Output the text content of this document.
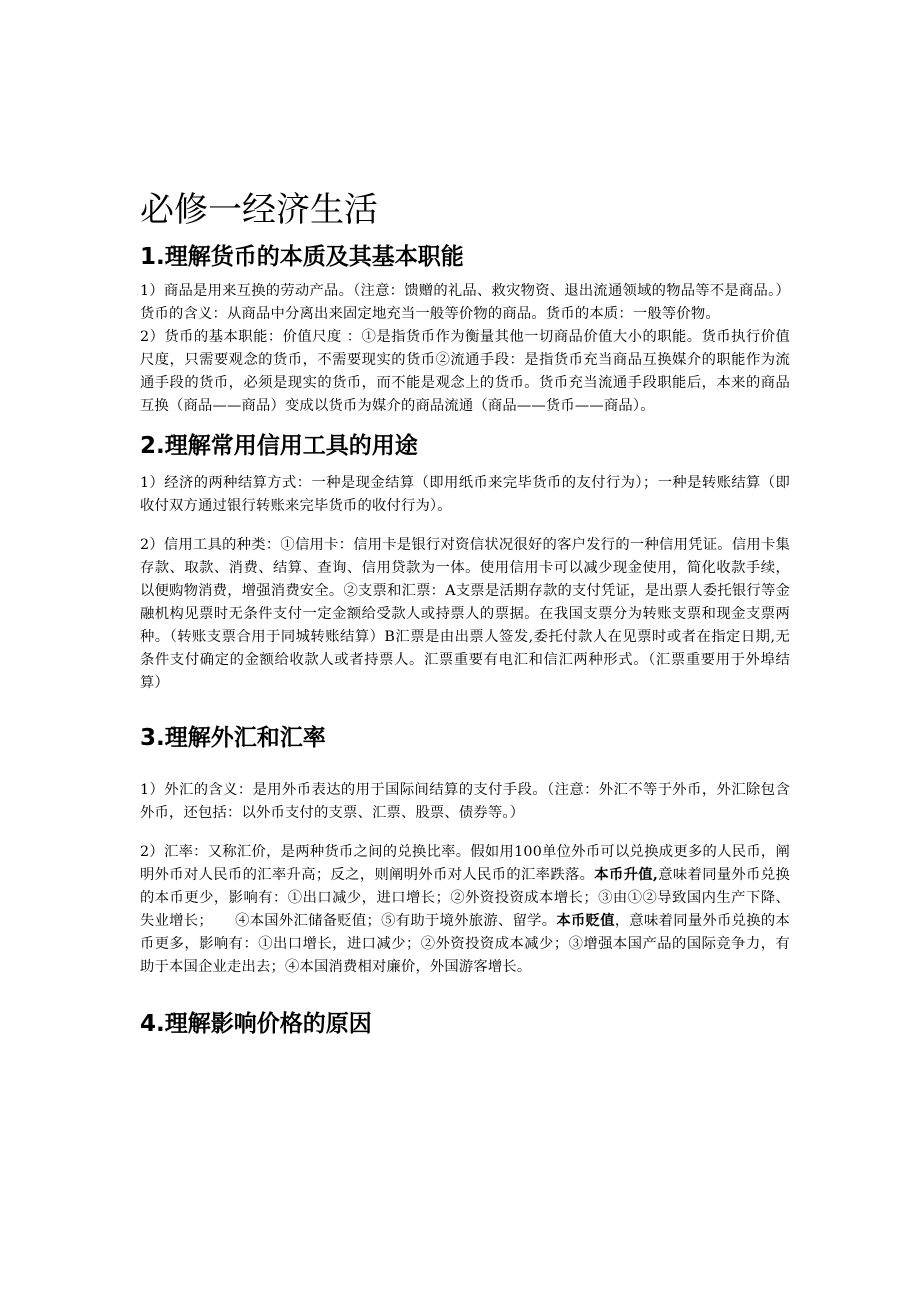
必修一经济生活
1.理解货币的本质及其基本职能

1）商品是用来互换的劳动产品。（注意：馈赠的礼品、救灾物资、退出流通领域的物品等不是商品。）货币的含义：从商品中分离出来固定地充当一般等价物的商品。货币的本质：一般等价物。

2）货币的基本职能：价值尺度 ：①是指货币作为衡量其他一切商品价值大小的职能。货币执行价值尺度，只需要观念的货币，不需要现实的货币②流通手段：是指货币充当商品互换媒介的职能作为流通手段的货币，必须是现实的货币，而不能是观念上的货币。货币充当流通手段职能后，本来的商品互换（商品——商品）变成以货币为媒介的商品流通（商品——货币——商品）。

2.理解常用信用工具的用途

1）经济的两种结算方式：一种是现金结算（即用纸币来完毕货币的友付行为）；一种是转账结算（即收付双方通过银行转账来完毕货币的收付行为）。

2）信用工具的种类：①信用卡：信用卡是银行对资信状况很好的客户发行的一种信用凭证。信用卡集存款、取款、消费、结算、查询、信用贷款为一体。使用信用卡可以减少现金使用，简化收款手续，以便购物消费，增强消费安全。②支票和汇票：A支票是活期存款的支付凭证，是出票人委托银行等金融机构见票时无条件支付一定金额给受款人或持票人的票据。在我国支票分为转账支票和现金支票两种。（转账支票合用于同城转账结算）B汇票是由出票人签发,委托付款人在见票时或者在指定日期,无条件支付确定的金额给收款人或者持票人。汇票重要有电汇和信汇两种形式。（汇票重要用于外埠结算）

3.理解外汇和汇率

1）外汇的含义：是用外币表达的用于国际间结算的支付手段。（注意：外汇不等于外币，外汇除包含外币，还包括：以外币支付的支票、汇票、股票、债券等。）

2）汇率：又称汇价，是两种货币之间的兑换比率。假如用100单位外币可以兑换成更多的人民币，阐明外币对人民币的汇率升高；反之，则阐明外币对人民币的汇率跌落。本币升值,意味着同量外币兑换的本币更少，影响有：①出口减少，进口增长；②外资投资成本增长；③由①②导致国内生产下降、失业增长；　　④本国外汇储备贬值；⑤有助于境外旅游、留学。本币贬值，意味着同量外币兑换的本币更多，影响有：①出口增长，进口减少；②外资投资成本减少；③增强本国产品的国际竞争力，有助于本国企业走出去；④本国消费相对廉价，外国游客增长。

4.理解影响价格的原因
